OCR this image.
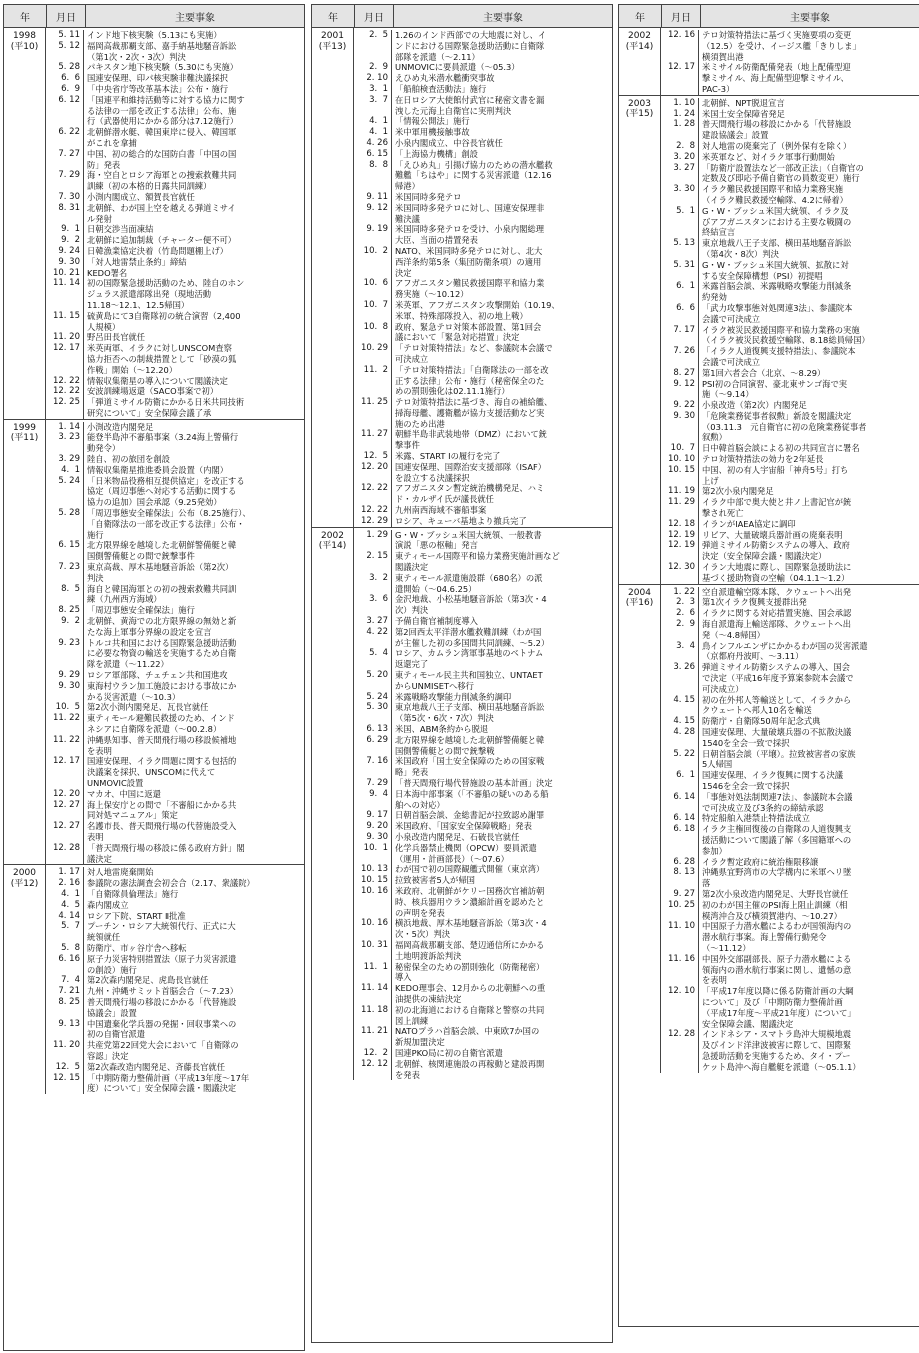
年	月日	主要事象
1998
(平10)
5. 11 インド地下核実験（5.13にも実施）
5. 12 福岡高裁那覇支部、嘉手納基地騒音訴訟
（第1次・2次・3次）判決
5. 28 パキスタン地下核実験（5.30にも実施）
6.  6 国連安保理、印パ核実験非難決議採択
6.  9 「中央省庁等改革基本法」公布・施行
6. 12 「国連平和維持活動等に対する協力に関す
る法律の一部を改正する法律」公布、施
行（武器使用にかかる部分は7.12施行）
6. 22 北朝鮮潜水艇、韓国東岸に侵入、韓国軍
がこれを拿捕
7. 27 中国、初の総合的な国防白書「中国の国
防」発表
7. 29 海・空自とロシア海軍との捜索救難共同
訓練（初の本格的日露共同訓練）
7. 30 小渕内閣成立、額賀長官就任
8. 31 北朝鮮、わが国上空を越える弾道ミサイ
ル発射
9.  1 日朝交渉当面凍結
9.  2 北朝鮮に追加制裁（チャーター便不可）
9. 24 日韓漁業協定決着（竹島問題棚上げ）
9. 30 「対人地雷禁止条約」締結
10. 21 KEDO署名
11. 14 初の国際緊急援助活動のため、陸自のホン
ジュラス派遣部隊出発（現地活動
11.18〜12.1、12.5帰国）
11. 15 硫黄島にて3自衛隊初の統合演習（2,400
人規模）
11. 20 野呂田長官就任
12. 17 米英両軍、イラクに対しUNSCOM査察
協力拒否への制裁措置として「砂漠の狐
作戦」開始（〜12.20）
12. 22 情報収集衛星の導入について閣議決定
12. 22 安波訓練場返還（SACO事案で初）
12. 25 「弾道ミサイル防衛にかかる日米共同技術
研究について」安全保障会議了承
1999
(平11)
1. 14 小渕改造内閣発足
3. 23 能登半島沖不審船事案（3.24海上警備行
動発令）
3. 29 陸自、初の旅団を創設
4.  1 情報収集衛星推進委員会設置（内閣）
5. 24 「日米物品役務相互提供協定」を改正する
協定（周辺事態へ対応する活動に関する
協力の追加）国会承認（9.25発効）
5. 28 「周辺事態安全確保法」公布（8.25施行）、
「自衛隊法の一部を改正する法律」公布・
施行
6. 15 北方限界線を越境した北朝鮮警備艇と韓
国側警備艇との間で銃撃事件
7. 23 東京高裁、厚木基地騒音訴訟（第2次）
判決
8.  5 海自と韓国海軍との初の捜索救難共同訓
練（九州西方海域）
8. 25 「周辺事態安全確保法」施行
9.  2 北朝鮮、黄海での北方限界線の無効と新
たな海上軍事分界線の設定を宣言
9. 23 トルコ共和国における国際緊急援助活動
に必要な物資の輸送を実施するため自衛
隊を派遣（〜11.22）
9. 29 ロシア軍部隊、チェチェン共和国進攻
9. 30 東海村ウラン加工施設における事故にか
かる災害派遣（〜10.3）
10.  5 第2次小渕内閣発足、瓦長官就任
11. 22 東ティモール避難民救援のため、インド
ネシアに自衛隊を派遣（〜00.2.8）
11. 22 沖縄県知事、普天間飛行場の移設候補地
を表明
12. 17 国連安保理、イラク問題に関する包括的
決議案を採択、UNSCOMに代えて
UNMOVIC設置
12. 20 マカオ、中国に返還
12. 27 海上保安庁との間で「不審船にかかる共
同対処マニュアル」策定
12. 27 名護市長、普天間飛行場の代替施設受入
表明
12. 28 「普天間飛行場の移設に係る政府方針」閣
議決定
2000
(平12)
1. 17 対人地雷廃棄開始
2. 16 参議院の憲法調査会初会合（2.17、衆議院）
4.  1 「自衛隊員倫理法」施行
4.  5 森内閣成立
4. 14 ロシア下院、START Ⅱ批准
5.  7 プーチン・ロシア大統領代行、正式に大
統領就任
5.  8 防衛庁、市ヶ谷庁舎へ移転
6. 16 原子力災害特別措置法（原子力災害派遣
の創設）施行
7.  4 第2次森内閣発足、虎島長官就任
7. 21 九州・沖縄サミット首脳会合（〜7.23）
8. 25 普天間飛行場の移設にかかる「代替施設
協議会」設置
9. 13 中国遺棄化学兵器の発掘・回収事業への
初の自衛官派遣
11. 20 共産党第22回党大会において「自衛隊の
容認」決定
12.  5 第2次森改造内閣発足、斉藤長官就任
12. 15 「中期防衛力整備計画（平成13年度〜17年
度）について」安全保障会議・閣議決定
年	月日	主要事象
2001
(平13)
2.  5 1.26のインド西部での大地震に対し、イ
ンドにおける国際緊急援助活動に自衛隊
部隊を派遣（〜2.11）
2.  9 UNMOVICに要員派遣（〜05.3）
2. 10 えひめ丸米潜水艦衝突事故
3.  1 「船舶検査活動法」施行
3.  7 在日ロシア大使館付武官に秘密文書を漏
洩した元海上自衛官に実刑判決
4.  1 「情報公開法」施行
4.  1 米中軍用機接触事故
4. 26 小泉内閣成立、中谷長官就任
6. 15 「上海協力機構」創設
8.  8 「えひめ丸」引揚げ協力のための潜水艦救
難艦「ちはや」に関する災害派遣（12.16
帰港）
9. 11 米国同時多発テロ
9. 12 米国同時多発テロに対し、国連安保理非
難決議
9. 19 米国同時多発テロを受け、小泉内閣総理
大臣、当面の措置発表
10.  2 NATO、米国同時多発テロに対し、北大
西洋条約第5条（集団防衛条項）の適用
決定
10.  6 アフガニスタン難民救援国際平和協力業
務実施（〜10.12）
10.  7 米英軍、アフガニスタン攻撃開始（10.19、
米軍、特殊部隊投入、初の地上戦）
10.  8 政府、緊急テロ対策本部設置、第1回会
議において「緊急対応措置」決定
10. 29 「テロ対策特措法」など、参議院本会議で
可決成立
11.  2 「テロ対策特措法」「自衛隊法の一部を改
正する法律」公布・施行（秘密保全のた
めの罰則強化は02.11.1施行）
11. 25 テロ対策特措法に基づき、海自の補給艦、
掃海母艦、護衛艦が協力支援活動など実
施のため出港
11. 27 朝鮮半島非武装地帯（DMZ）において銃
撃事件
12.  5 米露、START Ⅰの履行を完了
12. 20 国連安保理、国際治安支援部隊（ISAF）
を設立する決議採択
12. 22 アフガニスタン暫定統治機構発足、ハミ
ド・カルザイ氏が議長就任
12. 22 九州南西海域不審船事案
12. 29 ロシア、キューバ基地より撤兵完了
2002
(平14)
1. 29 G・W・ブッシュ米国大統領、一般教書
演説「悪の枢軸」発言
2. 15 東ティモール国際平和協力業務実施計画など
閣議決定
3.  2 東ティモール派遣施設群（680名）の派
遣開始（〜04.6.25）
3.  6 金沢地裁、小松基地騒音訴訟（第3次・4
次）判決
3. 27 予備自衛官補制度導入
4. 22 第2回西太平洋潜水艦救難訓練（わが国
が主催した初の多国間共同訓練、〜5.2）
5.  4 ロシア、カムラン湾軍事基地のベトナム
返還完了
5. 20 東ティモール民主共和国独立、UNTAET
からUNMISETへ移行
5. 24 米露戦略攻撃能力削減条約調印
5. 30 東京地裁八王子支部、横田基地騒音訴訟
（第5次・6次・7次）判決
6. 13 米国、ABM条約から脱退
6. 29 北方限界線を越境した北朝鮮警備艇と韓
国側警備艇との間で銃撃戦
7. 16 米国政府「国土安全保障のための国家戦
略」発表
7. 29 「普天間飛行場代替施設の基本計画」決定
9.  4 日本海中部事案（「不審船の疑いのある船
舶への対応）
9. 17 日朝首脳会談、金総書記が拉致認め謝罪
9. 20 米国政府、「国家安全保障戦略」発表
9. 30 小泉改造内閣発足、石破長官就任
10.  1 化学兵器禁止機関（OPCW）要員派遣
（運用・計画部長）（〜07.6）
10. 13 わが国で初の国際観艦式開催（東京湾）
10. 15 拉致被害者5人が帰国
10. 16 米政府、北朝鮮がケリー国務次官補訪朝
時、核兵器用ウラン濃縮計画を認めたと
の声明を発表
10. 16 横浜地裁、厚木基地騒音訴訟（第3次・4
次・5次）判決
10. 31 福岡高裁那覇支部、楚辺通信所にかかる
土地明渡訴訟判決
11.  1 秘密保全のための罰則強化（防衛秘密）
導入
11. 14 KEDO理事会、12月からの北朝鮮への重
油提供の凍結決定
11. 18 初の北海道における自衛隊と警察の共同
図上訓練
11. 21 NATOプラハ首脳会談、中東欧7か国の
新規加盟決定
12.  2 国連PKO局に初の自衛官派遣
12. 12 北朝鮮、核関連施設の再稼動と建設再開
を発表
年	月日	主要事象
2002
(平14)
12. 16 テロ対策特措法に基づく実施要項の変更
（12.5）を受け、イージス艦「きりしま」
横須賀出港
12. 17 米ミサイル防衛配備発表（地上配備型迎
撃ミサイル、海上配備型迎撃ミサイル、
PAC-3）
2003
(平15)
1. 10 北朝鮮、NPT脱退宣言
1. 24 米国土安全保障省発足
1. 28 普天間飛行場の移設にかかる「代替施設
建設協議会」設置
2.  8 対人地雷の廃棄完了（例外保有を除く）
3. 20 米英軍など、対イラク軍事行動開始
3. 27 「防衛庁設置法など一部改正法」（自衛官の
定数及び即応予備自衛官の員数変更）施行
3. 30 イラク難民救援国際平和協力業務実施
（イラク難民救援空輸隊、4.2に帰着）
5.  1 G・W・ブッシュ米国大統領、イラク及
びアフガニスタンにおける主要な戦闘の
終結宣言
5. 13 東京地裁八王子支部、横田基地騒音訴訟
（第4次・8次）判決
5. 31 G・W・ブッシュ米国大統領、拡散に対
する安全保障構想（PSI）初提唱
6.  1 米露首脳会談、米露戦略攻撃能力削減条
約発効
6.  6 「武力攻撃事態対処関連3法」、参議院本
会議で可決成立
7. 17 イラク被災民救援国際平和協力業務の実施
（イラク被災民救援空輸隊、8.18総員帰国）
7. 26 「イラク人道復興支援特措法」、参議院本
会議で可決成立
8. 27 第1回六者会合（北京、〜8.29）
9. 12 PSI初の合同演習、豪北東サンゴ海で実
施（〜9.14）
9. 22 小泉改造（第2次）内閣発足
9. 30 「危険業務従事者叙勲」新設を閣議決定
（03.11.3　元自衛官に初の危険業務従事者
叙勲）
10.  7 日中韓首脳会談による初の共同宣言に署名
10. 10 テロ対策特措法の効力を2年延長
10. 15 中国、初の有人宇宙船「神舟5号」打ち
上げ
11. 19 第2次小泉内閣発足
11. 29 イラク中部で奥大使と井ノ上書記官が銃
撃され死亡
12. 18 イランがIAEA協定に調印
12. 19 リビア、大量破壊兵器計画の廃棄表明
12. 19 弾道ミサイル防衛システムの導入、政府
決定（安全保障会議・閣議決定）
12. 30 イラン大地震に際し、国際緊急援助法に
基づく援助物資の空輸（04.1.1〜1.2）
2004
(平16)
1. 22 空自派遣輸空隊本隊、クウェートへ出発
2.  3 第1次イラク復興支援群出発
2.  6 イラクに関する対応措置実施、国会承認
2.  9 海自派遣海上輸送部隊、クウェートへ出
発（〜4.8帰国）
3.  4 鳥インフルエンザにかかるわが国の災害派遣
（京都府丹波町、〜3.11）
3. 26 弾道ミサイル防衛システムの導入、国会
で決定（平成16年度予算案参院本会議で
可決成立）
4. 15 初の在外邦人等輸送として、イラクから
クウェートへ邦人10名を輸送
4. 15 防衛庁・自衛隊50周年記念式典
4. 28 国連安保理、大量破壊兵器の不拡散決議
1540を全会一致で採択
5. 22 日朝首脳会談（平壌）。拉致被害者の家族
5人帰国
6.  1 国連安保理、イラク復興に関する決議
1546を全会一致で採択
6. 14 「事態対処法制関連7法」、参議院本会議
で可決成立及び3条約の締結承認
6. 14 特定船舶入港禁止特措法成立
6. 18 イラク主権回復後の自衛隊の人道復興支
援活動について閣議了解（多国籍軍への
参加）
6. 28 イラク暫定政府に統治権限移譲
8. 13 沖縄県宜野湾市の大学構内に米軍ヘリ墜
落
9. 27 第2次小泉改造内閣発足、大野長官就任
10. 25 初のわが国主催のPSI海上阻止訓練（相
模湾沖合及び横須賀港内、〜10.27）
11. 10 中国原子力潜水艦によるわが国領海内の
潜水航行事案。海上警備行動発令
（〜11.12）
11. 16 中国外交部副部長、原子力潜水艦による
領海内の潜水航行事案に関し、遺憾の意
を表明
12. 10 「平成17年度以降に係る防衛計画の大綱
について」及び「中期防衛力整備計画
（平成17年度〜平成21年度）について」
安全保障会議、閣議決定
12. 28 インドネシア・スマトラ島沖大規模地震
及びインド洋津波被害に際して、国際緊
急援助活動を実施するため、タイ・プー
ケット島沖へ海自艦艇を派遣（〜05.1.1）
